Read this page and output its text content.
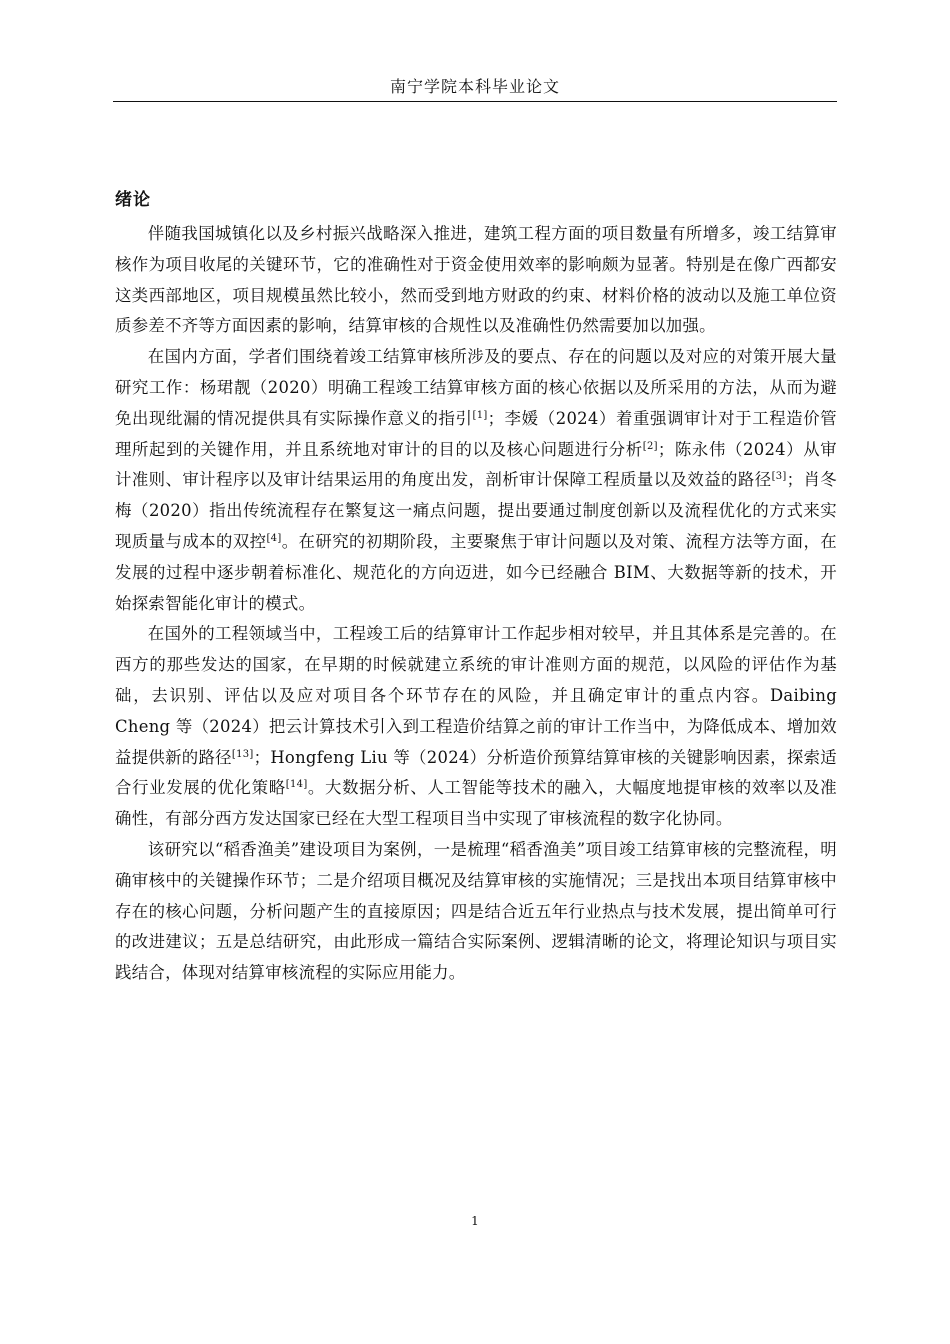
南宁学院本科毕业论文
绪论

伴随我国城镇化以及乡村振兴战略深入推进，建筑工程方面的项目数量有所增多，竣工结算审核作为项目收尾的关键环节，它的准确性对于资金使用效率的影响颇为显著。特别是在像广西都安这类西部地区，项目规模虽然比较小，然而受到地方财政的约束、材料价格的波动以及施工单位资质参差不齐等方面因素的影响，结算审核的合规性以及准确性仍然需要加以加强。

在国内方面，学者们围绕着竣工结算审核所涉及的要点、存在的问题以及对应的对策开展大量研究工作：杨珺靓（2020）明确工程竣工结算审核方面的核心依据以及所采用的方法，从而为避免出现纰漏的情况提供具有实际操作意义的指引[1]；李媛（2024）着重强调审计对于工程造价管理所起到的关键作用，并且系统地对审计的目的以及核心问题进行分析[2]；陈永伟（2024）从审计准则、审计程序以及审计结果运用的角度出发，剖析审计保障工程质量以及效益的路径[3]；肖冬梅（2020）指出传统流程存在繁复这一痛点问题，提出要通过制度创新以及流程优化的方式来实现质量与成本的双控[4]。在研究的初期阶段，主要聚焦于审计问题以及对策、流程方法等方面，在发展的过程中逐步朝着标准化、规范化的方向迈进，如今已经融合 BIM、大数据等新的技术，开始探索智能化审计的模式。

在国外的工程领域当中，工程竣工后的结算审计工作起步相对较早，并且其体系是完善的。在西方的那些发达的国家，在早期的时候就建立系统的审计准则方面的规范，以风险的评估作为基础，去识别、评估以及应对项目各个环节存在的风险，并且确定审计的重点内容。Daibing Cheng 等（2024）把云计算技术引入到工程造价结算之前的审计工作当中，为降低成本、增加效益提供新的路径[13]；Hongfeng Liu 等（2024）分析造价预算结算审核的关键影响因素，探索适合行业发展的优化策略[14]。大数据分析、人工智能等技术的融入，大幅度地提审核的效率以及准确性，有部分西方发达国家已经在大型工程项目当中实现了审核流程的数字化协同。

该研究以“稻香渔美”建设项目为案例，一是梳理“稻香渔美”项目竣工结算审核的完整流程，明确审核中的关键操作环节；二是介绍项目概况及结算审核的实施情况；三是找出本项目结算审核中存在的核心问题，分析问题产生的直接原因；四是结合近五年行业热点与技术发展，提出简单可行的改进建议；五是总结研究，由此形成一篇结合实际案例、逻辑清晰的论文，将理论知识与项目实践结合，体现对结算审核流程的实际应用能力。

1
